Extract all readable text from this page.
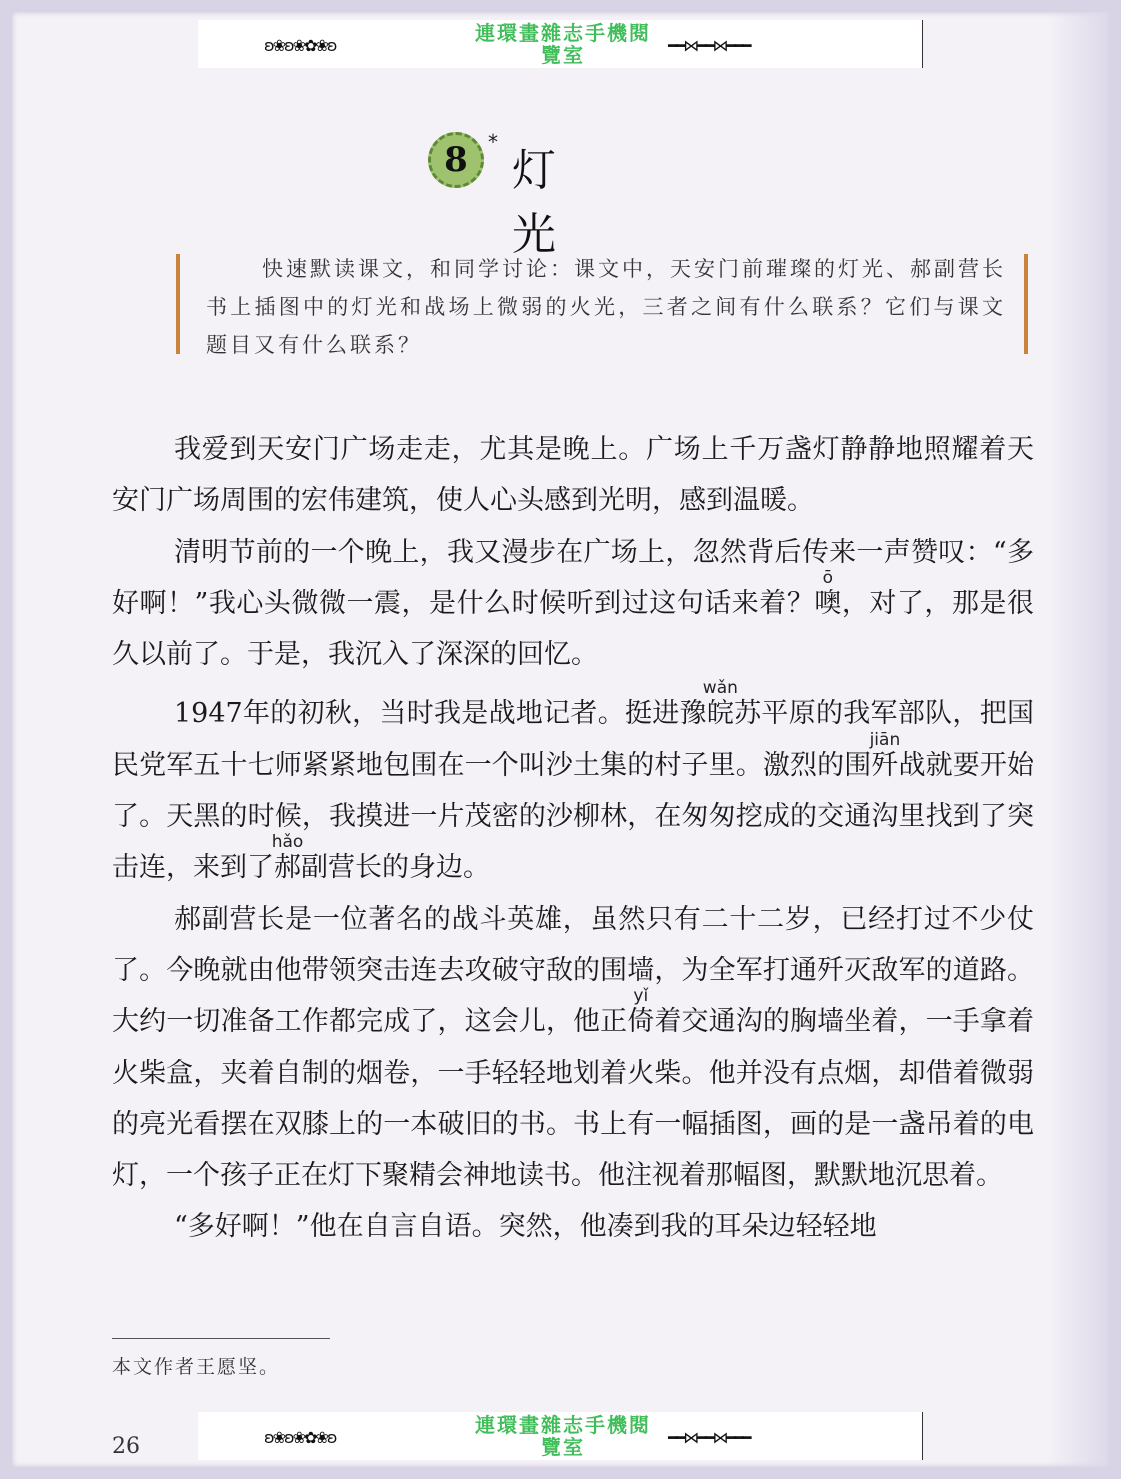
ʚ❀ʚ❀✿❀ʚ
連環畫雜志手機閱
覽室	━━⋈━━⋈━━━
8 *
灯 光
快速默读课文，和同学讨论：课文中，天安门前璀璨的灯光、郝副营长书上插图中的灯光和战场上微弱的火光，三者之间有什么联系？它们与课文题目又有什么联系？

我爱到天安门广场走走，尤其是晚上。广场上千万盏灯静静地照耀着天安门广场周围的宏伟建筑，使人心头感到光明，感到温暖。

清明节前的一个晚上，我又漫步在广场上，忽然背后传来一声赞叹：“多好啊！”我心头微微一震，是什么时候听到过这句话来着？噢ō，对了，那是很久以前了。于是，我沉入了深深的回忆。

1947年的初秋，当时我是战地记者。挺进豫皖wǎn苏平原的我军部队，把国民党军五十七师紧紧地包围在一个叫沙土集的村子里。激烈的围歼jiān战就要开始了。天黑的时候，我摸进一片茂密的沙柳林，在匆匆挖成的交通沟里找到了突击连，来到了郝hǎo副营长的身边。

郝副营长是一位著名的战斗英雄，虽然只有二十二岁，已经打过不少仗了。今晚就由他带领突击连去攻破守敌的围墙，为全军打通歼灭敌军的道路。大约一切准备工作都完成了，这会儿，他正倚yǐ着交通沟的胸墙坐着，一手拿着火柴盒，夹着自制的烟卷，一手轻轻地划着火柴。他并没有点烟，却借着微弱的亮光看摆在双膝上的一本破旧的书。书上有一幅插图，画的是一盏吊着的电灯，一个孩子正在灯下聚精会神地读书。他注视着那幅图，默默地沉思着。

“多好啊！”他在自言自语。突然，他凑到我的耳朵边轻轻地

本文作者王愿坚。
26	ʚ❀ʚ❀✿❀ʚ
連環畫雜志手機閱
覽室	━━⋈━━⋈━━━
